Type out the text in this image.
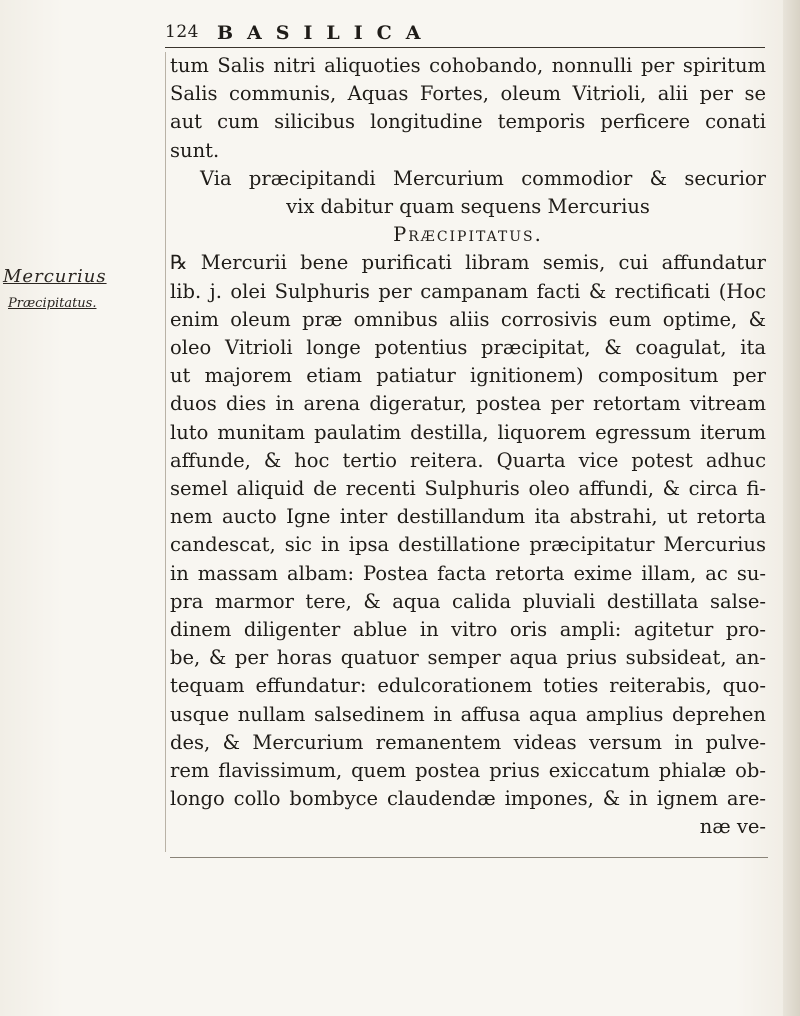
124 BASILICA
Mercurius
Præcipitatus.
tum Salis nitri aliquoties cohobando, nonnulli per spiritum
Salis communis, Aquas Fortes, oleum Vitrioli, alii per se
aut cum silicibus longitudine temporis perficere conati
sunt.
Via præcipitandi Mercurium commodior & securior
vix dabitur quam sequens Mercurius
Præcipitatus.
℞ Mercurii bene purificati libram semis, cui affundatur
lib. j. olei Sulphuris per campanam facti & rectificati (Hoc
enim oleum præ omnibus aliis corrosivis eum optime, &
oleo Vitrioli longe potentius præcipitat, & coagulat, ita
ut majorem etiam patiatur ignitionem) compositum per
duos dies in arena digeratur, postea per retortam vitream
luto munitam paulatim destilla, liquorem egressum iterum
affunde, & hoc tertio reitera. Quarta vice potest adhuc
semel aliquid de recenti Sulphuris oleo affundi, & circa fi-
nem aucto Igne inter destillandum ita abstrahi, ut retorta
candescat, sic in ipsa destillatione præcipitatur Mercurius
in massam albam: Postea facta retorta exime illam, ac su-
pra marmor tere, & aqua calida pluviali destillata salse-
dinem diligenter ablue in vitro oris ampli: agitetur pro-
be, & per horas quatuor semper aqua prius subsideat, an-
tequam effundatur: edulcorationem toties reiterabis, quo-
usque nullam salsedinem in affusa aqua amplius deprehen
des, & Mercurium remanentem videas versum in pulve-
rem flavissimum, quem postea prius exiccatum phialæ ob-
longo collo bombyce claudendæ impones, & in ignem are-
næ ve-
